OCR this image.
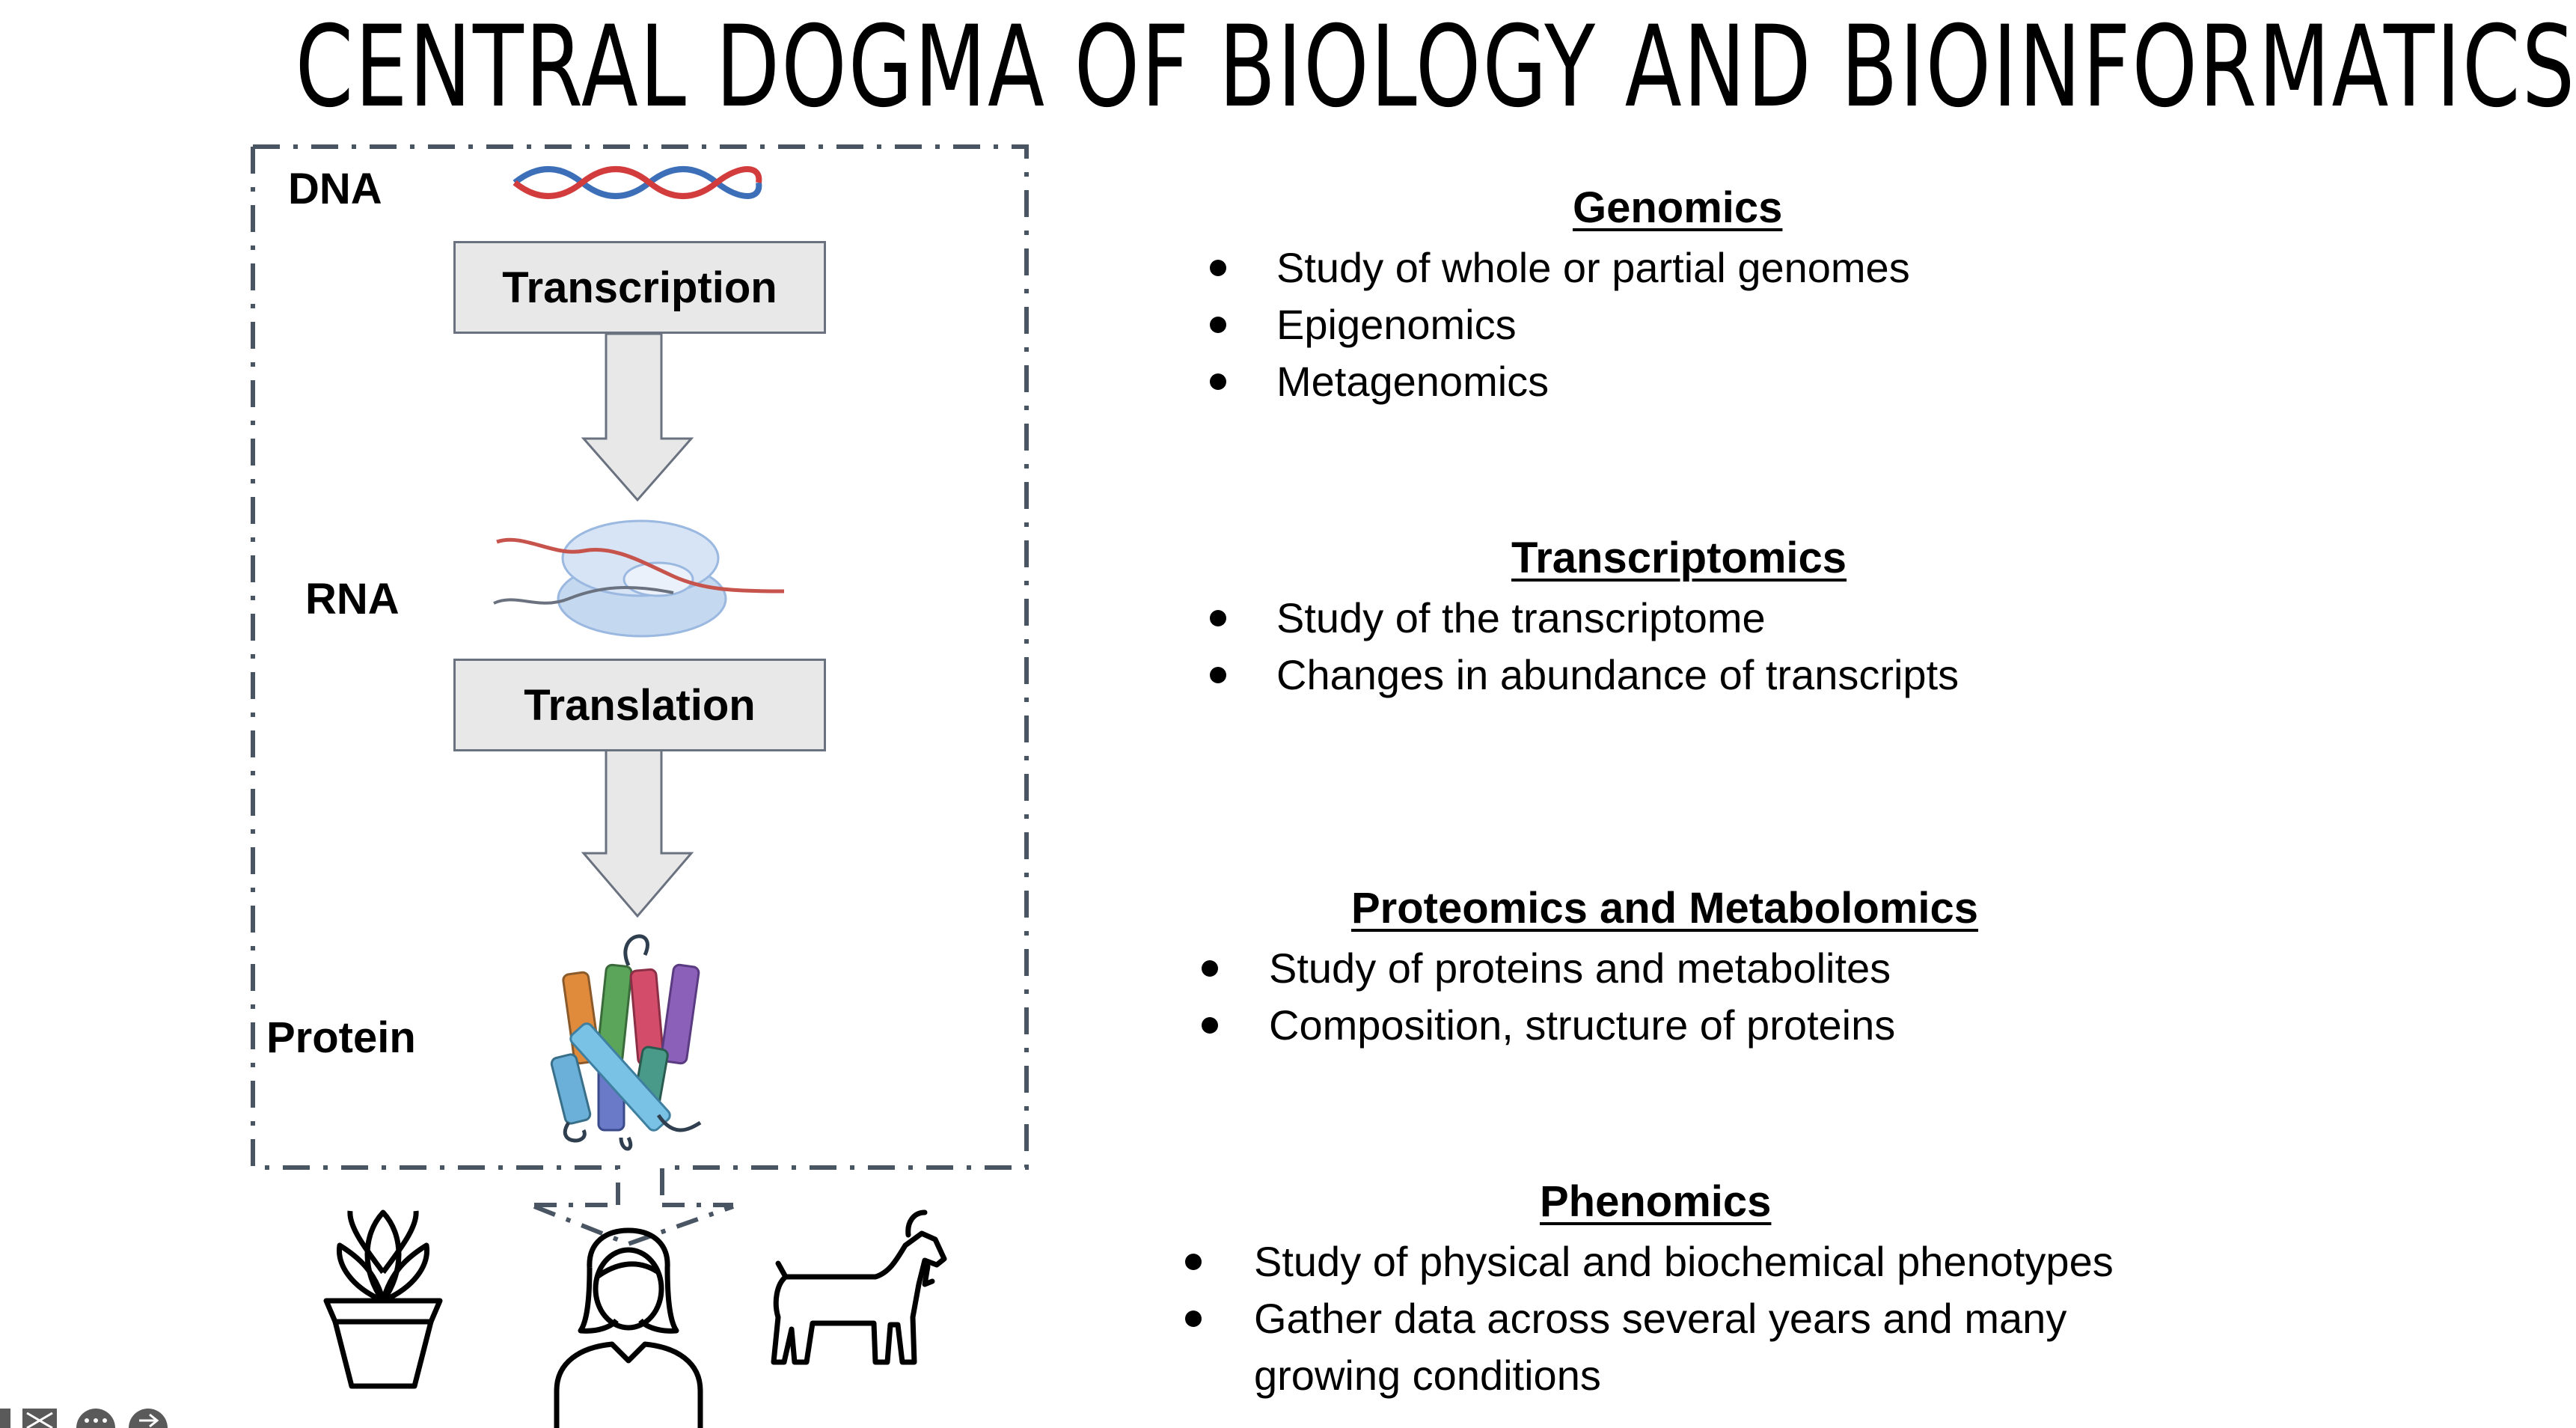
CENTRAL DOGMA OF BIOLOGY AND BIOINFORMATICS
DNA
RNA
Protein
Transcription
Translation
Genomics
Study of whole or partial genomes
Epigenomics
Metagenomics
Transcriptomics
Study of the transcriptome
Changes in abundance of transcripts
Proteomics and Metabolomics
Study of proteins and metabolites
Composition, structure of proteins
Phenomics
Study of physical and biochemical phenotypes
Gather data across several years and many
growing conditions
